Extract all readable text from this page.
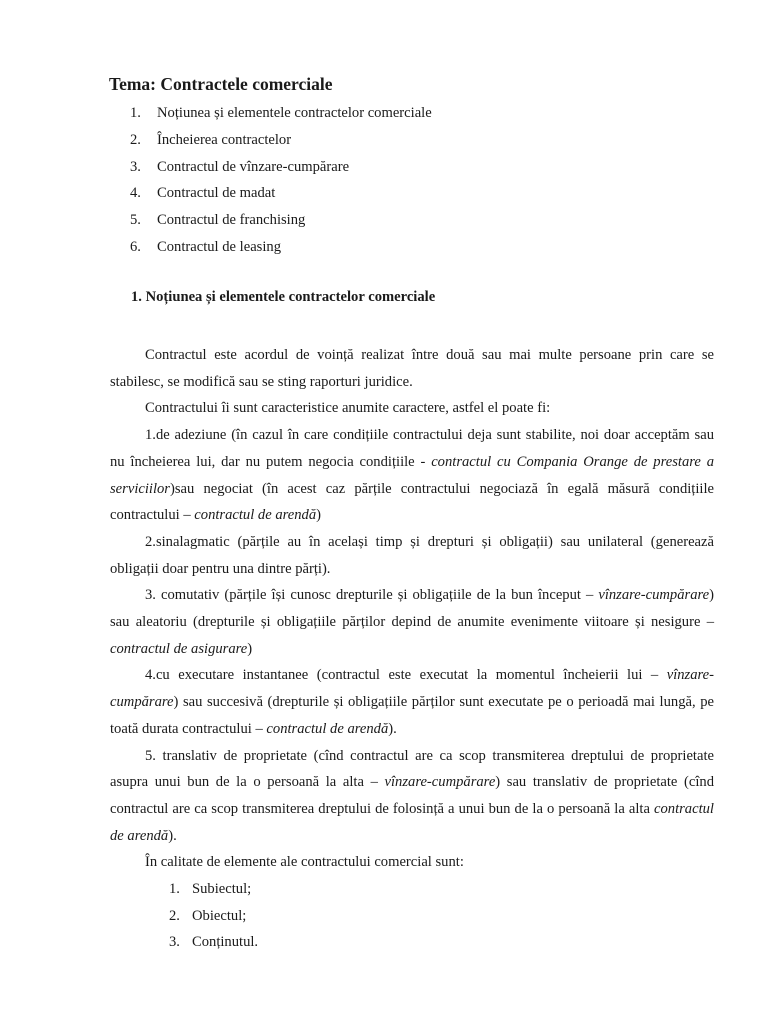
Tema: Contractele comerciale
1. Noțiunea și elementele contractelor comerciale
2. Încheierea contractelor
3. Contractul de vînzare-cumpărare
4. Contractul de madat
5. Contractul de franchising
6. Contractul de leasing
1. Noțiunea și elementele contractelor comerciale

Contractul este acordul de voință realizat între două sau mai multe persoane prin care se stabilesc, se modifică sau se sting raporturi juridice.

Contractului îi sunt caracteristice anumite caractere, astfel el poate fi:

1.de adeziune (în cazul în care condițiile contractului deja sunt stabilite, noi doar acceptăm sau nu încheierea lui, dar nu putem negocia condițiile - contractul cu Compania Orange de prestare a serviciilor)sau negociat (în acest caz părțile contractului negociază în egală măsură condițiile contractului – contractul de arendă)

2.sinalagmatic (părțile au în același timp și drepturi și obligații) sau unilateral (generează obligații doar pentru una dintre părți).

3. comutativ (părțile își cunosc drepturile și obligațiile de la bun început – vînzare-cumpărare) sau aleatoriu (drepturile și obligațiile părților depind de anumite evenimente viitoare și nesigure – contractul de asigurare)

4.cu executare instantanee (contractul este executat la momentul încheierii lui – vînzare-cumpărare) sau succesivă (drepturile și obligațiile părților sunt executate pe o perioadă mai lungă, pe toată durata contractului – contractul de arendă).

5. translativ de proprietate (cînd contractul are ca scop transmiterea dreptului de proprietate asupra unui bun de la o persoană la alta – vînzare-cumpărare) sau translativ de proprietate (cînd contractul are ca scop transmiterea dreptului de folosință a unui bun de la o persoană la alta contractul de arendă).

În calitate de elemente ale contractului comercial sunt:

1. Subiectul;
2. Obiectul;
3. Conținutul.
